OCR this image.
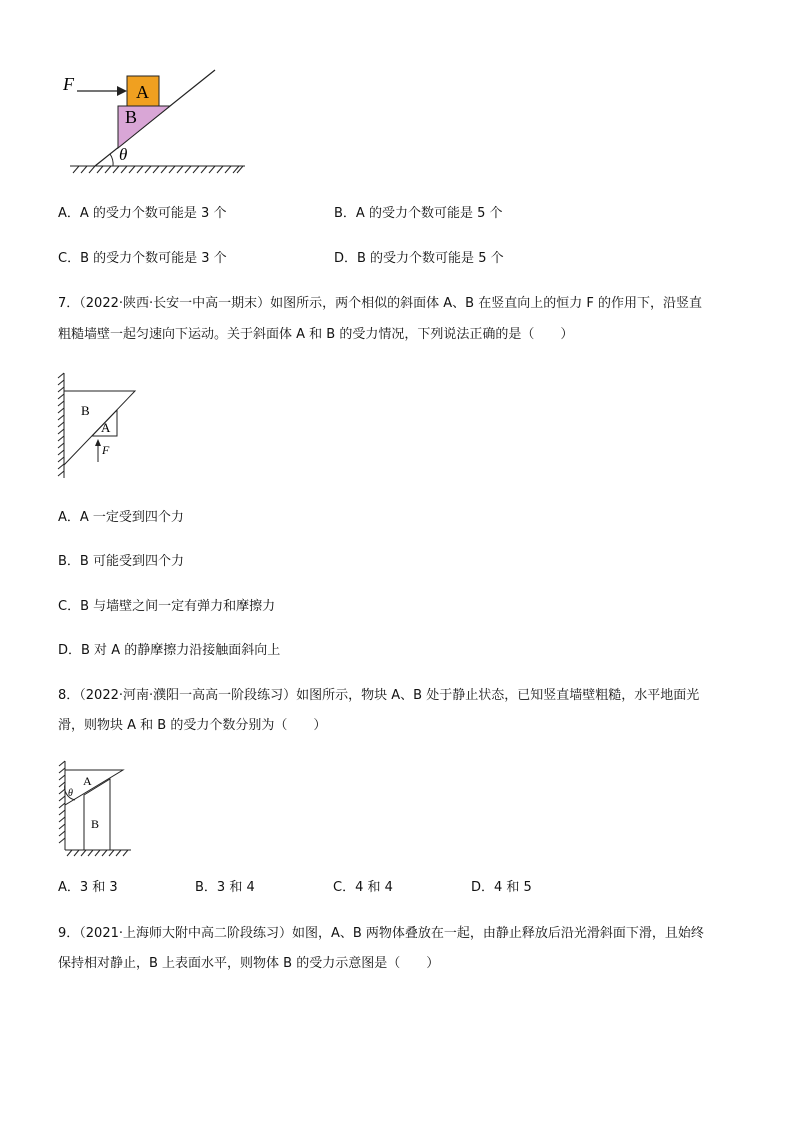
F	A
B
θ
A．A 的受力个数可能是 3 个	B．A 的受力个数可能是 5 个
C．B 的受力个数可能是 3 个	D．B 的受力个数可能是 5 个
7．（2022·陕西·长安一中高一期末）如图所示，两个相似的斜面体 A、B 在竖直向上的恒力 F 的作用下，沿竖直
粗糙墙壁一起匀速向下运动。关于斜面体 A 和 B 的受力情况，下列说法正确的是（　　）
B
A
F
A．A 一定受到四个力
B．B 可能受到四个力
C．B 与墙壁之间一定有弹力和摩擦力
D．B 对 A 的静摩擦力沿接触面斜向上
8．（2022·河南·濮阳一高高一阶段练习）如图所示，物块 A、B 处于静止状态，已知竖直墙壁粗糙，水平地面光
滑，则物块 A 和 B 的受力个数分别为（　　）
A
B
θ
A．3 和 3	B．3 和 4	C．4 和 4	D．4 和 5
9．（2021·上海师大附中高二阶段练习）如图，A、B 两物体叠放在一起，由静止释放后沿光滑斜面下滑，且始终
保持相对静止，B 上表面水平，则物体 B 的受力示意图是（　　）
